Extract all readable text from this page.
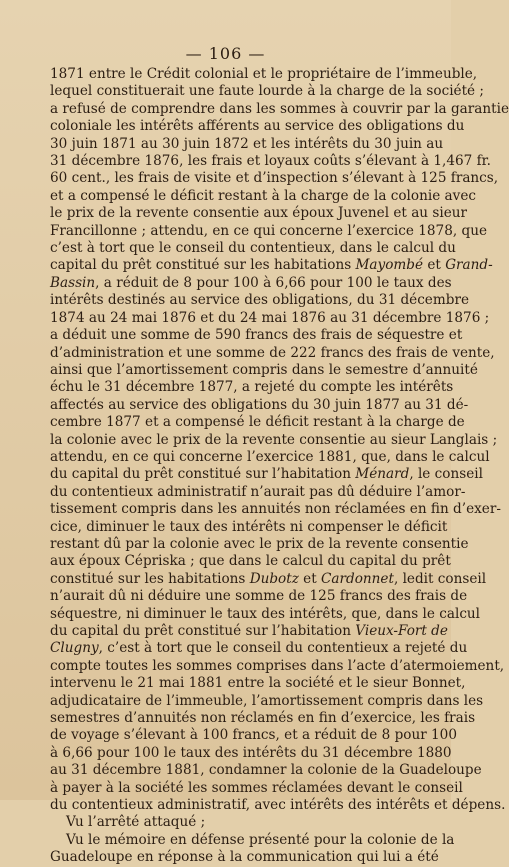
— 106 —

1871 entre le Crédit colonial et le propriétaire de l’immeuble,
lequel constituerait une faute lourde à la charge de la société ;
a refusé de comprendre dans les sommes à couvrir par la garantie
coloniale les intérêts afférents au service des obligations du
30 juin 1871 au 30 juin 1872 et les intérêts du 30 juin au
31 décembre 1876, les frais et loyaux coûts s’élevant à 1,467 fr.
60 cent., les frais de visite et d’inspection s’élevant à 125 francs,
et a compensé le déficit restant à la charge de la colonie avec
le prix de la revente consentie aux époux Juvenel et au sieur
Francillonne ; attendu, en ce qui concerne l’exercice 1878, que
c’est à tort que le conseil du contentieux, dans le calcul du
capital du prêt constitué sur les habitations Mayombé et Grand-
Bassin, a réduit de 8 pour 100 à 6,66 pour 100 le taux des
intérêts destinés au service des obligations, du 31 décembre
1874 au 24 mai 1876 et du 24 mai 1876 au 31 décembre 1876 ;
a déduit une somme de 590 francs des frais de séquestre et
d’administration et une somme de 222 francs des frais de vente,
ainsi que l’amortissement compris dans le semestre d’annuité
échu le 31 décembre 1877, a rejeté du compte les intérêts
affectés au service des obligations du 30 juin 1877 au 31 dé-
cembre 1877 et a compensé le déficit restant à la charge de
la colonie avec le prix de la revente consentie au sieur Langlais ;
attendu, en ce qui concerne l’exercice 1881, que, dans le calcul
du capital du prêt constitué sur l’habitation Ménard, le conseil
du contentieux administratif n’aurait pas dû déduire l’amor-
tissement compris dans les annuités non réclamées en fin d’exer-
cice, diminuer le taux des intérêts ni compenser le déficit
restant dû par la colonie avec le prix de la revente consentie
aux époux Cépriska ; que dans le calcul du capital du prêt
constitué sur les habitations Dubotz et Cardonnet, ledit conseil
n’aurait dû ni déduire une somme de 125 francs des frais de
séquestre, ni diminuer le taux des intérêts, que, dans le calcul
du capital du prêt constitué sur l’habitation Vieux-Fort de
Clugny, c’est à tort que le conseil du contentieux a rejeté du
compte toutes les sommes comprises dans l’acte d’atermoiement,
intervenu le 21 mai 1881 entre la société et le sieur Bonnet,
adjudicataire de l’immeuble, l’amortissement compris dans les
semestres d’annuités non réclamés en fin d’exercice, les frais
de voyage s’élevant à 100 francs, et a réduit de 8 pour 100
à 6,66 pour 100 le taux des intérêts du 31 décembre 1880
au 31 décembre 1881, condamner la colonie de la Guadeloupe
à payer à la société les sommes réclamées devant le conseil
du contentieux administratif, avec intérêts des intérêts et dépens.

Vu l’arrêté attaqué ;

Vu le mémoire en défense présenté pour la colonie de la
Guadeloupe en réponse à la communication qui lui a été
